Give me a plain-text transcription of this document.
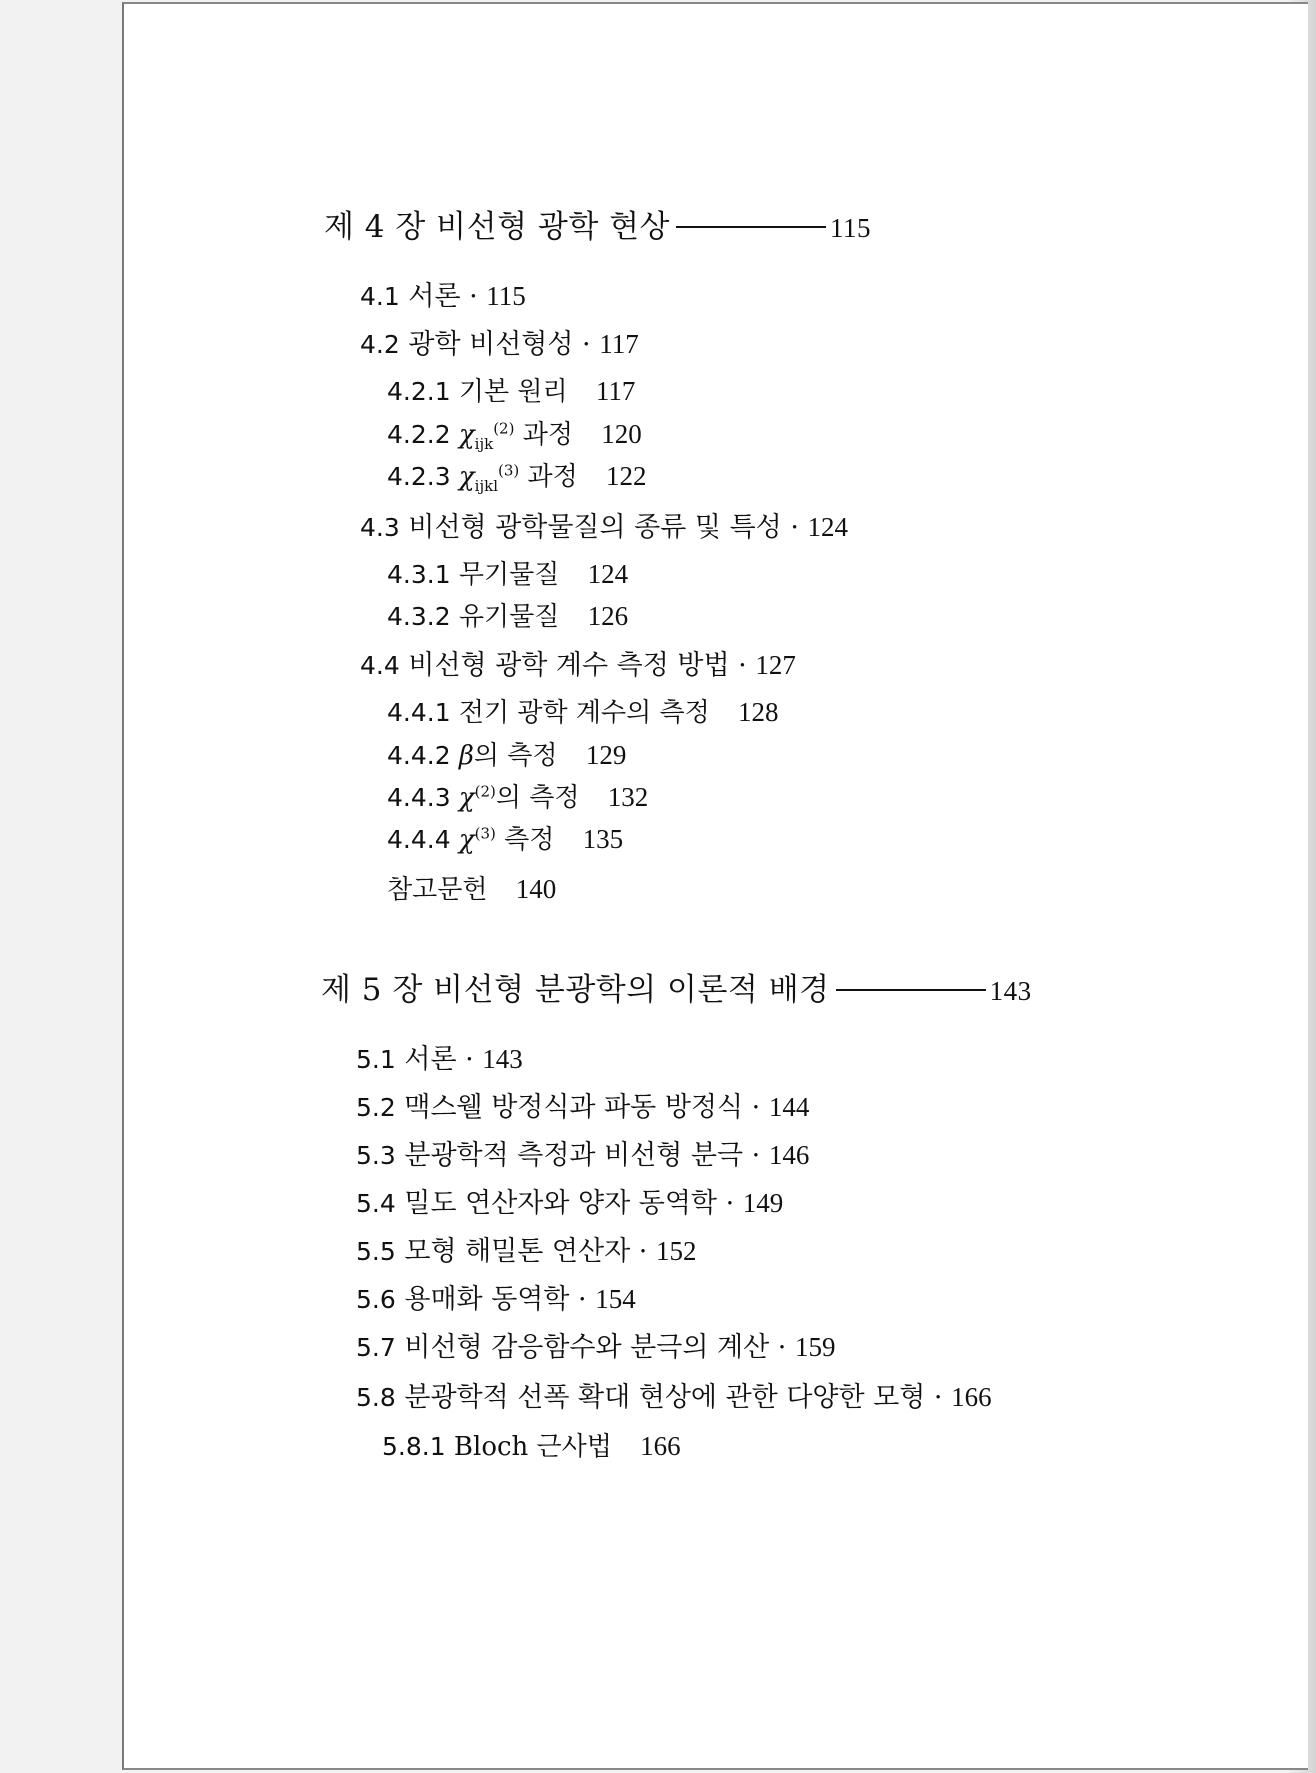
제 4 장 비선형 광학 현상	115
4.1 서론 · 115
4.2 광학 비선형성 · 117
4.2.1 기본 원리 117
4.2.2 $\chi_{ijk}^{(2)}$ 과정 120
4.2.3 $\chi_{ijkl}^{(3)}$ 과정 122
4.3 비선형 광학물질의 종류 및 특성 · 124
4.3.1 무기물질 124
4.3.2 유기물질 126
4.4 비선형 광학 계수 측정 방법 · 127
4.4.1 전기 광학 계수의 측정 128
4.4.2 β의 측정 129
4.4.3 $\chi^{(2)}$의 측정 132
4.4.4 $\chi^{(3)}$ 측정 135
참고문헌 140
제 5 장 비선형 분광학의 이론적 배경	143
5.1 서론 · 143
5.2 맥스웰 방정식과 파동 방정식 · 144
5.3 분광학적 측정과 비선형 분극 · 146
5.4 밀도 연산자와 양자 동역학 · 149
5.5 모형 해밀톤 연산자 · 152
5.6 용매화 동역학 · 154
5.7 비선형 감응함수와 분극의 계산 · 159
5.8 분광학적 선폭 확대 현상에 관한 다양한 모형 · 166
5.8.1 Bloch 근사법 166
